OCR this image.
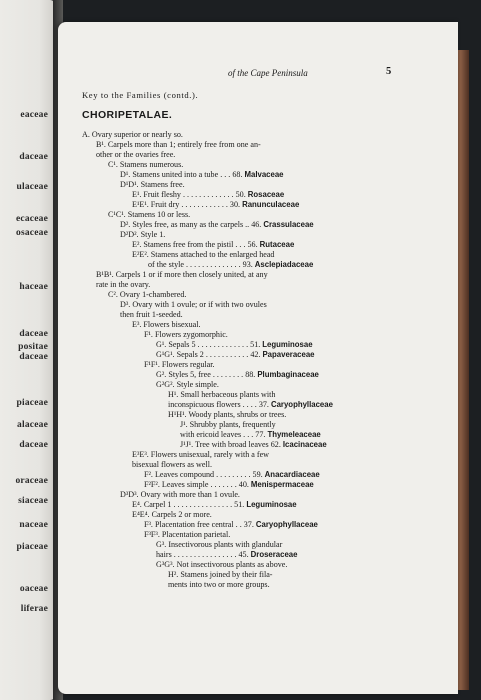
eaceae
daceae
ulaceae
ecaceae
osaceae
haceae
daceae
positae
daceae
piaceae
alaceae
daceae
oraceae
siaceae
naceae
piaceae
oaceae
liferae
of the Cape Peninsula	5
Key to the Families (contd.).
CHORIPETALAE.
A. Ovary superior or nearly so.
B¹. Carpels more than 1; entirely free from one an-
other or the ovaries free.
C¹. Stamens numerous.
D¹. Stamens united into a tube . . . 68. Malvaceae
D¹D¹. Stamens free.
E¹. Fruit fleshy . . . . . . . . . . . . . 50. Rosaceae
E¹E¹. Fruit dry . . . . . . . . . . . . 30. Ranunculaceae
C¹C¹. Stamens 10 or less.
D². Styles free, as many as the carpels .. 46. Crassulaceae
D²D². Style 1.
E². Stamens free from the pistil . . . 56. Rutaceae
E²E². Stamens attached to the enlarged head
of the style . . . . . . . . . . . . . . 93. Asclepiadaceae
B¹B¹. Carpels 1 or if more then closely united, at any
rate in the ovary.
C². Ovary 1-chambered.
D³. Ovary with 1 ovule; or if with two ovules
then fruit 1-seeded.
E³. Flowers bisexual.
F¹. Flowers zygomorphic.
G¹. Sepals 5 . . . . . . . . . . . . . 51. Leguminosae
G¹G¹. Sepals 2 . . . . . . . . . . . 42. Papaveraceae
F¹F¹. Flowers regular.
G². Styles 5, free . . . . . . . . 88. Plumbaginaceae
G²G². Style simple.
H¹. Small herbaceous plants with
inconspicuous flowers . . . . 37. Caryophyllaceae
H¹H¹. Woody plants, shrubs or trees.
J¹. Shrubby plants, frequently
with ericoid leaves . . . 77. Thymeleaceae
J¹J¹. Tree with broad leaves 62. Icacinaceae
E³E³. Flowers unisexual, rarely with a few
bisexual flowers as well.
F². Leaves compound . . . . . . . . . 59. Anacardiaceae
F²F². Leaves simple . . . . . . . 40. Menispermaceae
D³D³. Ovary with more than 1 ovule.
E⁴. Carpel 1 . . . . . . . . . . . . . . . 51. Leguminosae
E⁴E⁴. Carpels 2 or more.
F³. Placentation free central . . 37. Caryophyllaceae
F³F³. Placentation parietal.
G³. Insectivorous plants with glandular
hairs . . . . . . . . . . . . . . . . 45. Droseraceae
G³G³. Not insectivorous plants as above.
H². Stamens joined by their fila-
ments into two or more groups.
